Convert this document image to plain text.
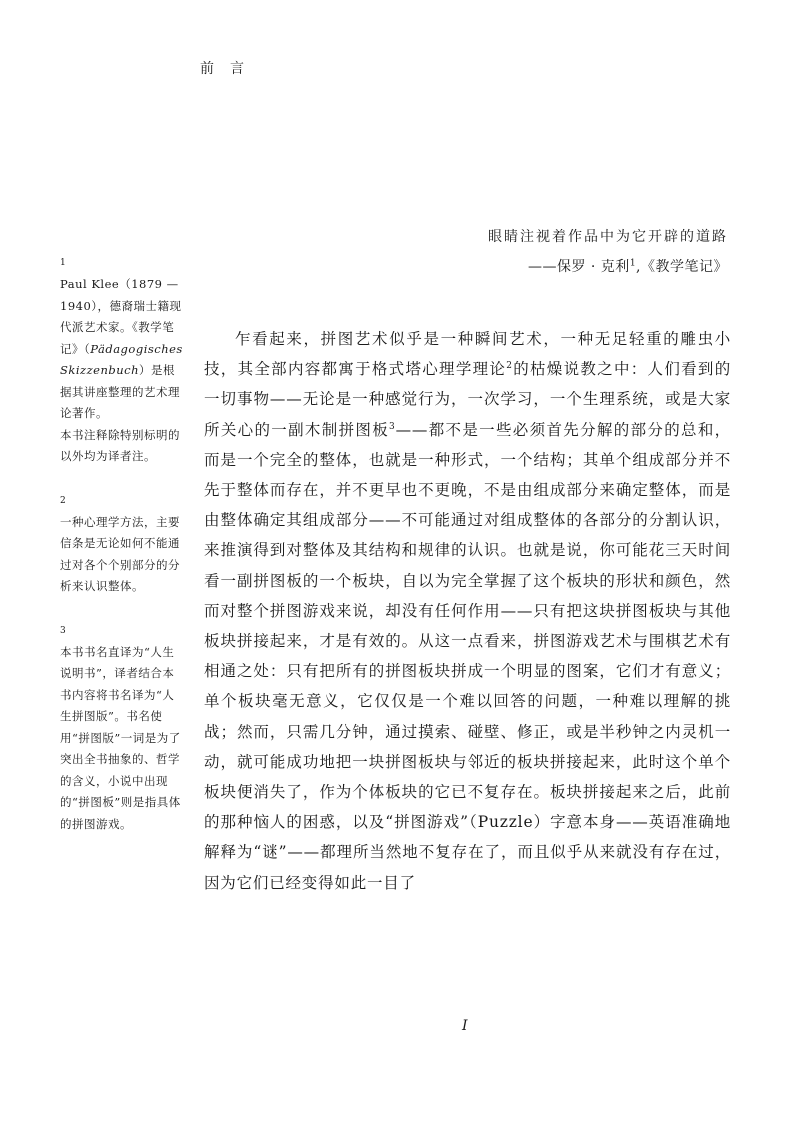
前　言
眼睛注视着作品中为它开辟的道路
——保罗 · 克利$^1$,《教学笔记》
1

Paul Klee（1879 — 1940），德裔瑞士籍现代派艺术家。《教学笔记》（Pädagogisches Skizzenbuch）是根据其讲座整理的艺术理论著作。

本书注释除特别标明的以外均为译者注。

2

一种心理学方法，主要信条是无论如何不能通过对各个个别部分的分析来认识整体。

3

本书书名直译为“人生说明书”，译者结合本书内容将书名译为“人生拼图版”。书名使用“拼图版”一词是为了突出全书抽象的、哲学的含义，小说中出现的“拼图板”则是指具体的拼图游戏。

乍看起来，拼图艺术似乎是一种瞬间艺术，一种无足轻重的雕虫小技，其全部内容都寓于格式塔心理学理论$^2$的枯燥说教之中：人们看到的一切事物——无论是一种感觉行为，一次学习，一个生理系统，或是大家所关心的一副木制拼图板$^3$——都不是一些必须首先分解的部分的总和，而是一个完全的整体，也就是一种形式，一个结构；其单个组成部分并不先于整体而存在，并不更早也不更晚，不是由组成部分来确定整体，而是由整体确定其组成部分——不可能通过对组成整体的各部分的分割认识，来推演得到对整体及其结构和规律的认识。也就是说，你可能花三天时间看一副拼图板的一个板块，自以为完全掌握了这个板块的形状和颜色，然而对整个拼图游戏来说，却没有任何作用——只有把这块拼图板块与其他板块拼接起来，才是有效的。从这一点看来，拼图游戏艺术与围棋艺术有相通之处：只有把所有的拼图板块拼成一个明显的图案，它们才有意义；单个板块毫无意义，它仅仅是一个难以回答的问题，一种难以理解的挑战；然而，只需几分钟，通过摸索、碰壁、修正，或是半秒钟之内灵机一动，就可能成功地把一块拼图板块与邻近的板块拼接起来，此时这个单个板块便消失了，作为个体板块的它已不复存在。板块拼接起来之后，此前的那种恼人的困惑，以及“拼图游戏”（Puzzle）字意本身——英语准确地解释为“谜”——都理所当然地不复存在了，而且似乎从来就没有存在过，因为它们已经变得如此一目了

I
